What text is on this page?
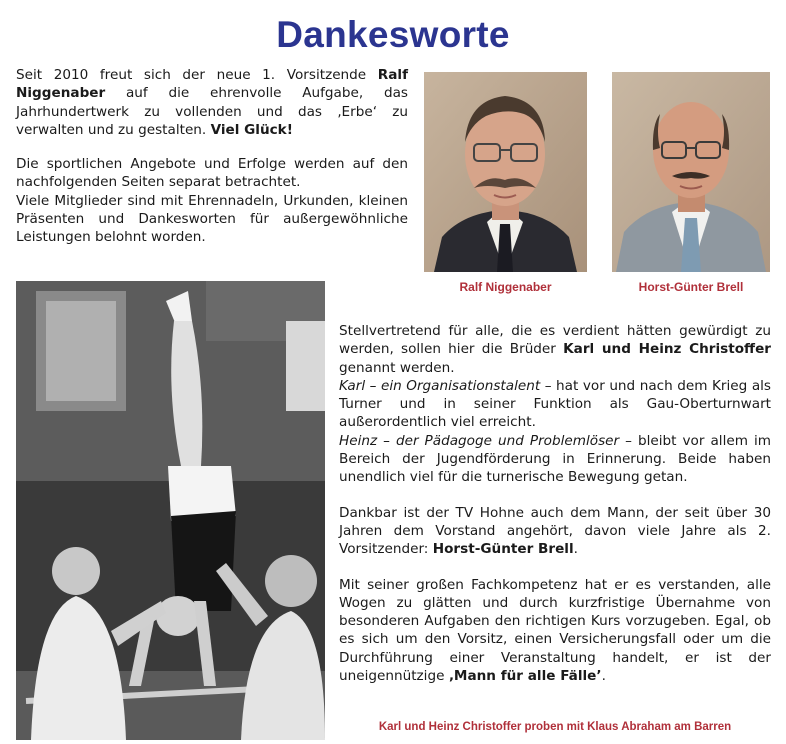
Dankesworte

Seit 2010 freut sich der neue 1. Vorsitzende Ralf Niggenaber auf die ehrenvolle Aufgabe, das Jahrhundertwerk zu vollenden und das ‚Erbe‘ zu verwalten und zu gestalten. Viel Glück!

Die sportlichen Angebote und Erfolge werden auf den nachfolgenden Seiten separat betrachtet.

Viele Mitglieder sind mit Ehrennadeln, Urkunden, kleinen Präsenten und Dankesworten für außergewöhnliche Leistungen belohnt worden.

Ralf Niggenaber	Horst-Günter Brell

Stellvertretend für alle, die es verdient hätten gewürdigt zu werden, sollen hier die Brüder Karl und Heinz Christoffer genannt werden.

Karl – ein Organisationstalent – hat vor und nach dem Krieg als Turner und in seiner Funktion als Gau-Oberturnwart außerordentlich viel erreicht.

Heinz – der Pädagoge und Problemlöser – bleibt vor allem im Bereich der Jugendförderung in Erinnerung. Beide haben unendlich viel für die turnerische Bewegung getan.

Dankbar ist der TV Hohne auch dem Mann, der seit über 30 Jahren dem Vorstand angehört, davon viele Jahre als 2. Vorsitzender: Horst-Günter Brell.

Mit seiner großen Fachkompetenz hat er es verstanden, alle Wogen zu glätten und durch kurzfristige Übernahme von besonderen Aufgaben den richtigen Kurs vorzugeben. Egal, ob es sich um den Vorsitz, einen Versicherungsfall oder um die Durchführung einer Veranstaltung handelt, er ist der uneigennützige ‚Mann für alle Fälle’.

Karl und Heinz Christoffer proben mit Klaus Abraham am Barren
